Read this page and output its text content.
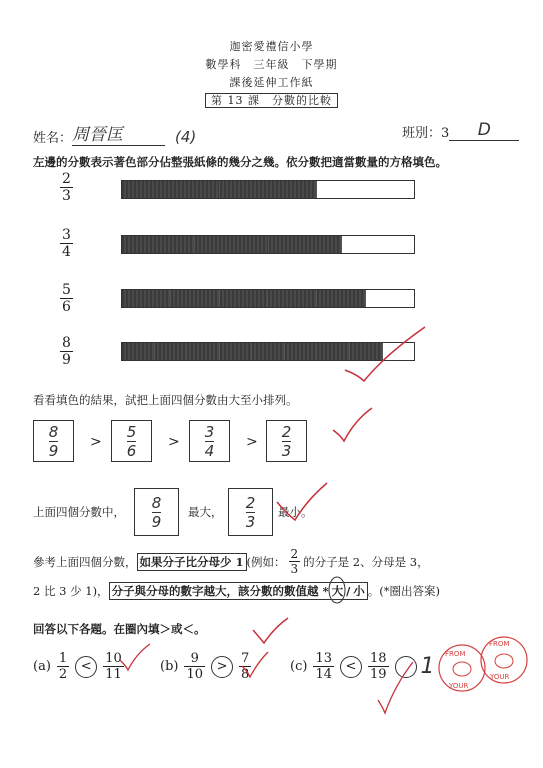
迦密愛禮信小學
數學科　三年級　下學期
課後延伸工作紙
第 13 課　分數的比較
姓名： 周晉匡	(4)	班別：3	D
左邊的分數表示著色部分佔整張紙條的幾分之幾。依分數把適當數量的方格填色。
$\frac{2}{3}$
$\frac{3}{4}$
$\frac{5}{6}$
$\frac{8}{9}$
看看填色的結果，試把上面四個分數由大至小排列。
8
9 >
5
6 >
3
4 >
2
3
上面四個分數中，
8
9
最大，
2
3
最小。
參考上面四個分數， 如果分子比分母少 1 (例如： $\frac{2}{3}$ 的分子是 2、分母是 3，
2 比 3 少 1)， 分子與分母的數字越大，該分數的數值越 * 大 / 小 。(*圈出答案)
回答以下各題。在圈內填＞或＜。
$(a) \frac{1}{2} < \frac{10}{11}$	$(b) \frac{9}{10} > \frac{7}{8}$	$(c) \frac{13}{14} < \frac{18}{19} 1$ FROM
YOUR
FROM
YOUR
